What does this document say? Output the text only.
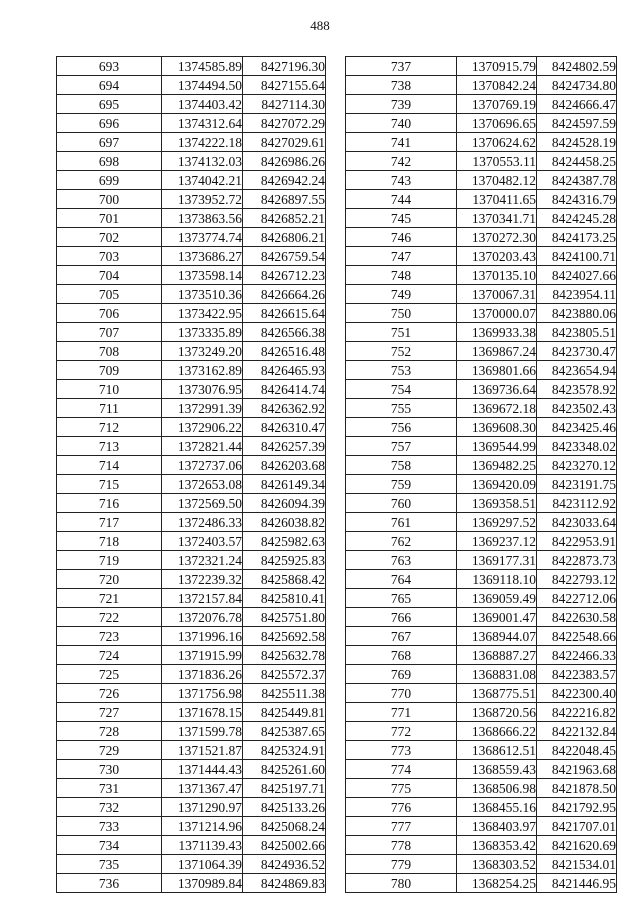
488
693	1374585.89	8427196.30
694	1374494.50	8427155.64
695	1374403.42	8427114.30
696	1374312.64	8427072.29
697	1374222.18	8427029.61
698	1374132.03	8426986.26
699	1374042.21	8426942.24
700	1373952.72	8426897.55
701	1373863.56	8426852.21
702	1373774.74	8426806.21
703	1373686.27	8426759.54
704	1373598.14	8426712.23
705	1373510.36	8426664.26
706	1373422.95	8426615.64
707	1373335.89	8426566.38
708	1373249.20	8426516.48
709	1373162.89	8426465.93
710	1373076.95	8426414.74
711	1372991.39	8426362.92
712	1372906.22	8426310.47
713	1372821.44	8426257.39
714	1372737.06	8426203.68
715	1372653.08	8426149.34
716	1372569.50	8426094.39
717	1372486.33	8426038.82
718	1372403.57	8425982.63
719	1372321.24	8425925.83
720	1372239.32	8425868.42
721	1372157.84	8425810.41
722	1372076.78	8425751.80
723	1371996.16	8425692.58
724	1371915.99	8425632.78
725	1371836.26	8425572.37
726	1371756.98	8425511.38
727	1371678.15	8425449.81
728	1371599.78	8425387.65
729	1371521.87	8425324.91
730	1371444.43	8425261.60
731	1371367.47	8425197.71
732	1371290.97	8425133.26
733	1371214.96	8425068.24
734	1371139.43	8425002.66
735	1371064.39	8424936.52
736	1370989.84	8424869.83
737	1370915.79	8424802.59
738	1370842.24	8424734.80
739	1370769.19	8424666.47
740	1370696.65	8424597.59
741	1370624.62	8424528.19
742	1370553.11	8424458.25
743	1370482.12	8424387.78
744	1370411.65	8424316.79
745	1370341.71	8424245.28
746	1370272.30	8424173.25
747	1370203.43	8424100.71
748	1370135.10	8424027.66
749	1370067.31	8423954.11
750	1370000.07	8423880.06
751	1369933.38	8423805.51
752	1369867.24	8423730.47
753	1369801.66	8423654.94
754	1369736.64	8423578.92
755	1369672.18	8423502.43
756	1369608.30	8423425.46
757	1369544.99	8423348.02
758	1369482.25	8423270.12
759	1369420.09	8423191.75
760	1369358.51	8423112.92
761	1369297.52	8423033.64
762	1369237.12	8422953.91
763	1369177.31	8422873.73
764	1369118.10	8422793.12
765	1369059.49	8422712.06
766	1369001.47	8422630.58
767	1368944.07	8422548.66
768	1368887.27	8422466.33
769	1368831.08	8422383.57
770	1368775.51	8422300.40
771	1368720.56	8422216.82
772	1368666.22	8422132.84
773	1368612.51	8422048.45
774	1368559.43	8421963.68
775	1368506.98	8421878.50
776	1368455.16	8421792.95
777	1368403.97	8421707.01
778	1368353.42	8421620.69
779	1368303.52	8421534.01
780	1368254.25	8421446.95
